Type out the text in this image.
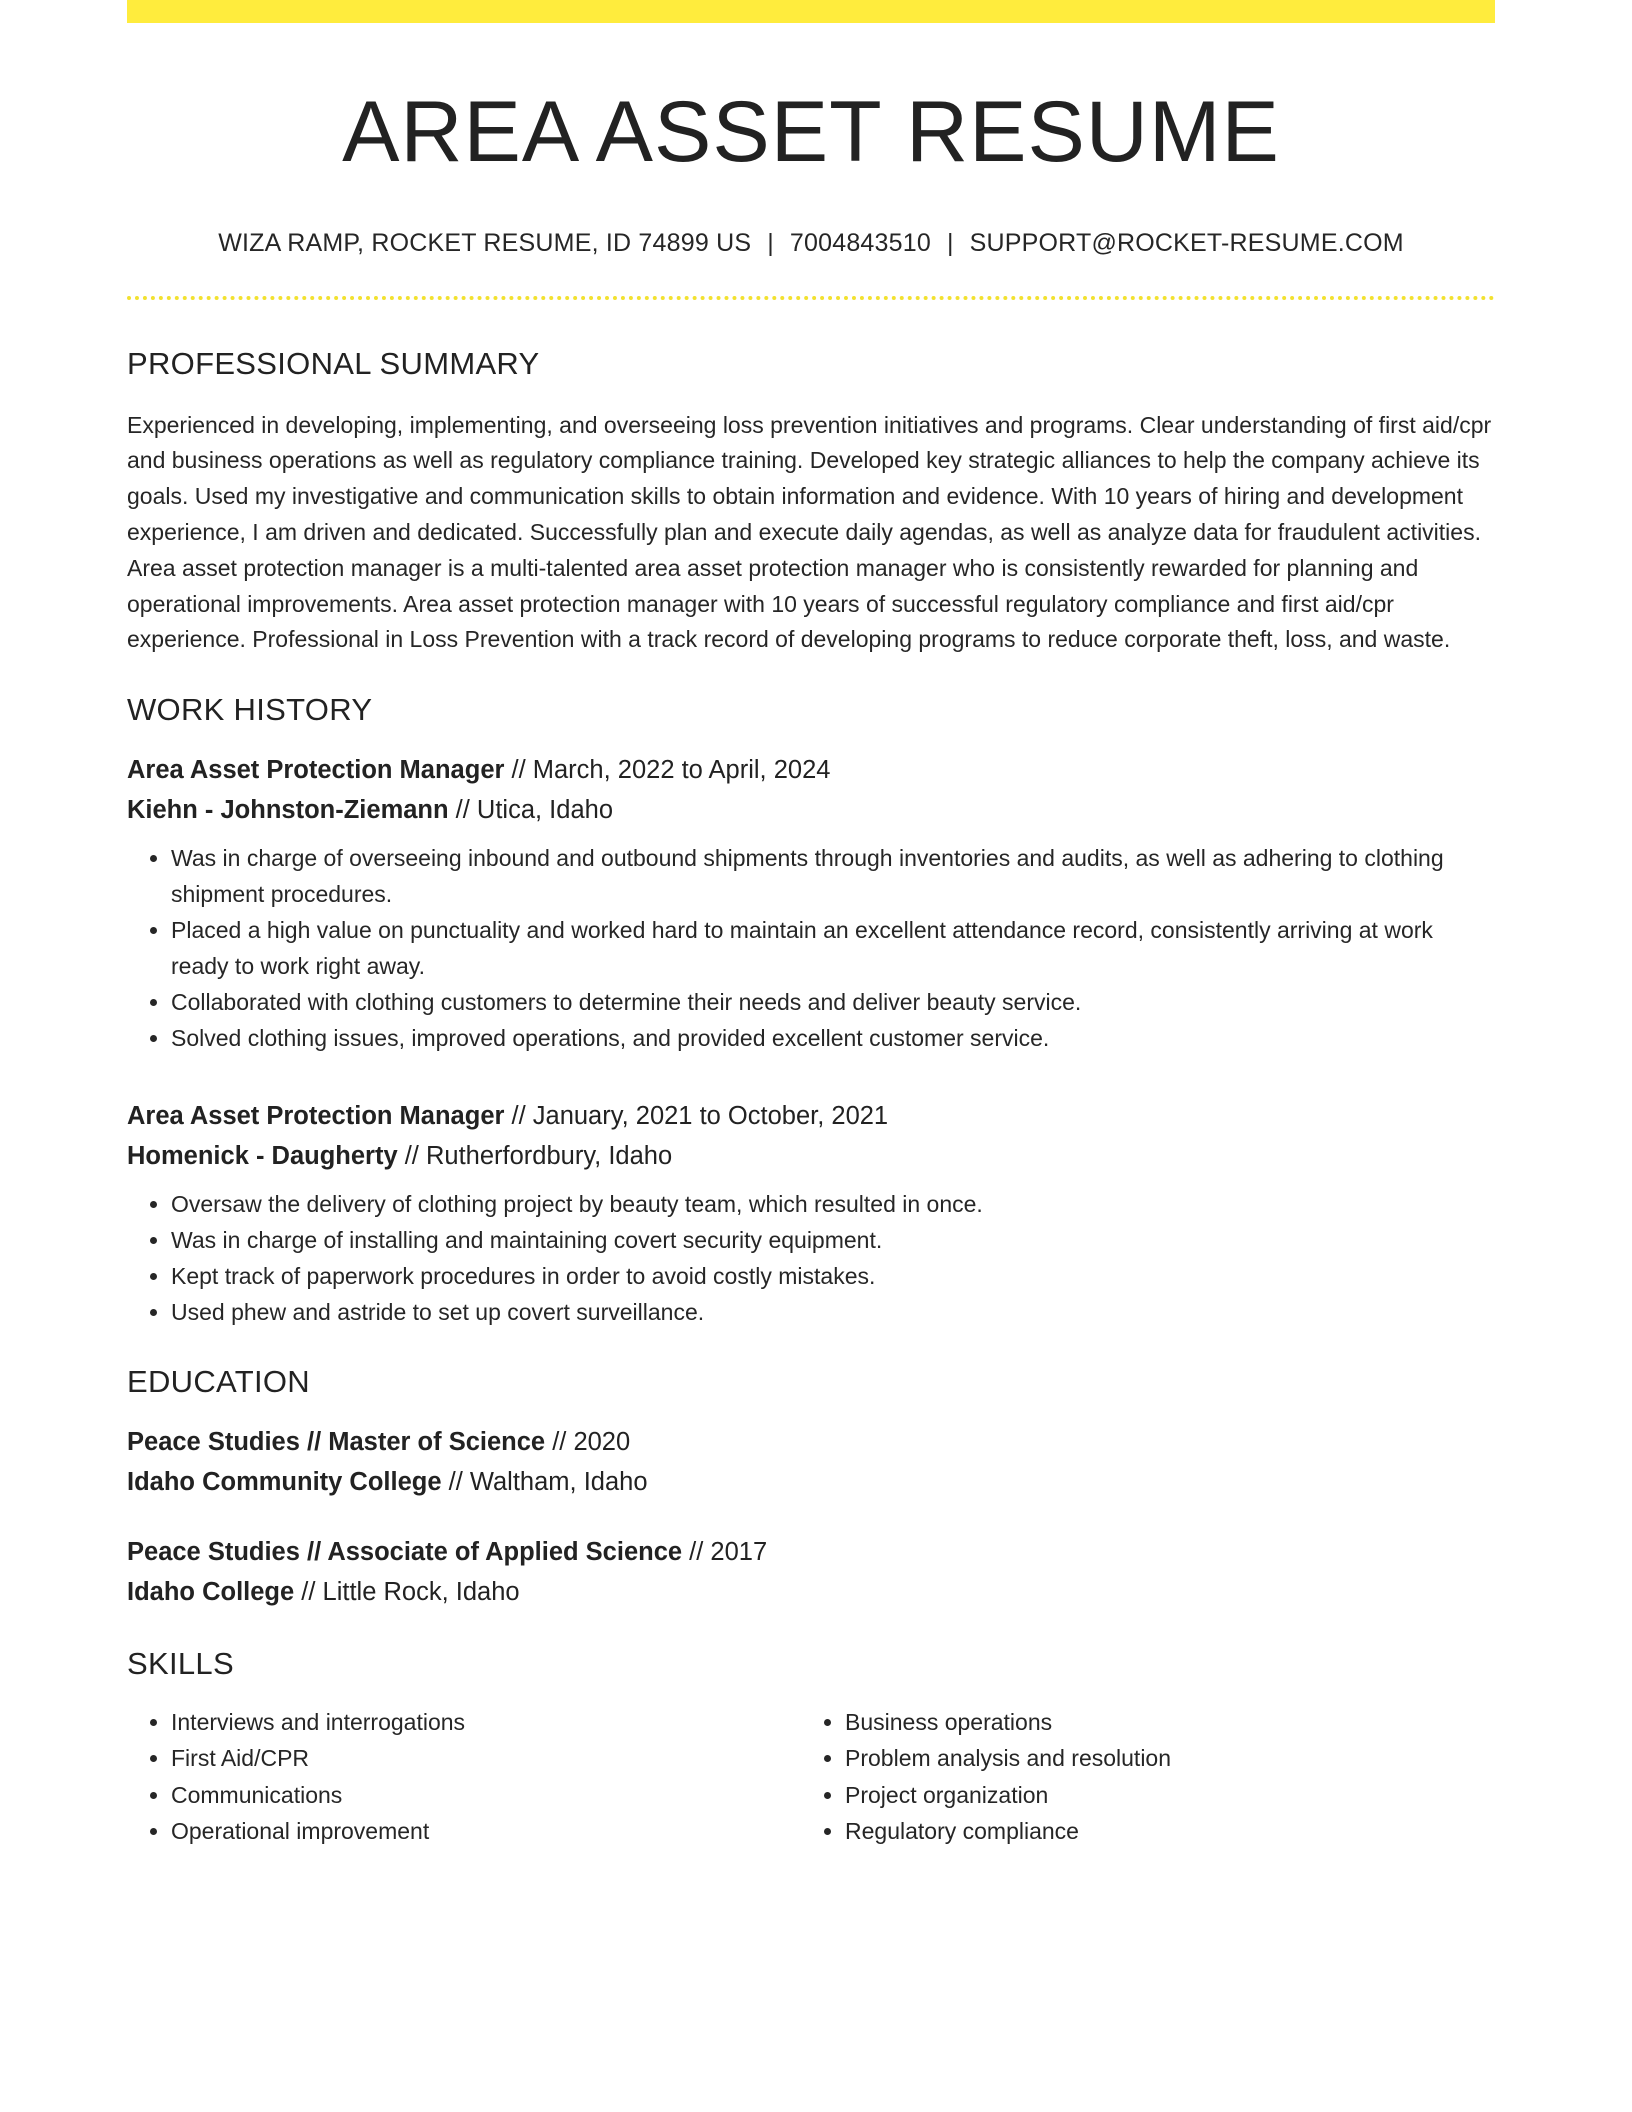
AREA ASSET RESUME
WIZA RAMP, ROCKET RESUME, ID 74899 US | 7004843510 | SUPPORT@ROCKET-RESUME.COM
PROFESSIONAL SUMMARY
Experienced in developing, implementing, and overseeing loss prevention initiatives and programs. Clear understanding of first aid/cpr and business operations as well as regulatory compliance training. Developed key strategic alliances to help the company achieve its goals. Used my investigative and communication skills to obtain information and evidence. With 10 years of hiring and development experience, I am driven and dedicated. Successfully plan and execute daily agendas, as well as analyze data for fraudulent activities. Area asset protection manager is a multi-talented area asset protection manager who is consistently rewarded for planning and operational improvements. Area asset protection manager with 10 years of successful regulatory compliance and first aid/cpr experience. Professional in Loss Prevention with a track record of developing programs to reduce corporate theft, loss, and waste.
WORK HISTORY
Area Asset Protection Manager // March, 2022 to April, 2024
Kiehn - Johnston-Ziemann // Utica, Idaho
• Was in charge of overseeing inbound and outbound shipments through inventories and audits, as well as adhering to clothing shipment procedures.
• Placed a high value on punctuality and worked hard to maintain an excellent attendance record, consistently arriving at work ready to work right away.
• Collaborated with clothing customers to determine their needs and deliver beauty service.
• Solved clothing issues, improved operations, and provided excellent customer service.
Area Asset Protection Manager // January, 2021 to October, 2021
Homenick - Daugherty // Rutherfordbury, Idaho
• Oversaw the delivery of clothing project by beauty team, which resulted in once.
• Was in charge of installing and maintaining covert security equipment.
• Kept track of paperwork procedures in order to avoid costly mistakes.
• Used phew and astride to set up covert surveillance.
EDUCATION
Peace Studies // Master of Science // 2020
Idaho Community College // Waltham, Idaho
Peace Studies // Associate of Applied Science // 2017
Idaho College // Little Rock, Idaho
SKILLS
• Interviews and interrogations
• First Aid/CPR
• Communications
• Operational improvement
• Business operations
• Problem analysis and resolution
• Project organization
• Regulatory compliance
